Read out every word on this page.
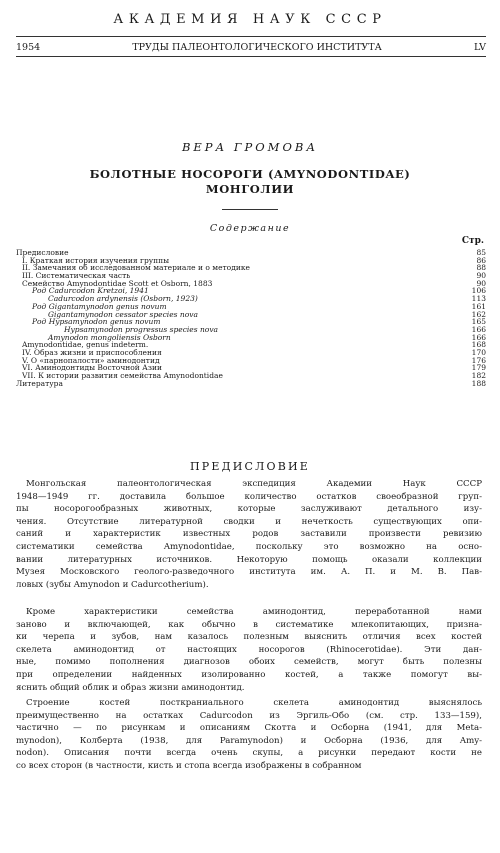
АКАДЕМИЯ НАУК СССР
1954	ТРУДЫ ПАЛЕОНТОЛОГИЧЕСКОГО ИНСТИТУТА	LV
ВЕРА ГРОМОВА
БОЛОТНЫЕ НОСОРОГИ (AMYNODONTIDAE)
МОНГОЛИИ
Содержание
Стр.
Предисловие	85
I. Краткая история изучения группы	86
II. Замечания об исследованном материале и о методике	88
III. Систематическая часть	90
Семейство Amynodontidae Scott et Osborn, 1883	90
Род Cadurcodon Kretzoi, 1941	106
Cadurcodon ardynensis (Osborn, 1923)	113
Род Gigantamynodon genus novum	161
Gigantamynodon cessator species nova	162
Род Hypsamynodon genus novum	165
Hypsamynodon progressus species nova	166
Amynodon mongoliensis Osborn	166
Amynodontidae, genus indeterm.	168
IV. Образ жизни и приспособления	170
V. О «парнопалости» аминодонтид	176
VI. Аминодонтиды Восточной Азии	179
VII. К истории развития семейства Amynodontidae	182
Литература	188
ПРЕДИСЛОВИЕ
Монгольская палеонтологическая экспедиция Академии Наук СССР
1948—1949 гг. доставила большое количество остатков своеобразной груп-
пы носорогообразных животных, которые заслуживают детального изу-
чения. Отсутствие литературной сводки и нечеткость существующих опи-
саний и характеристик известных родов заставили произвести ревизию
систематики семейства Amynodontidae, поскольку это возможно на осно-
вании литературных источников. Некоторую помощь оказали коллекции
Музея Московского геолого-разведочного института им. А. П. и М. В. Пав-
ловых (зубы Amynodon и Cadurcotherium).
Кроме характеристики семейства аминодонтид, переработанной нами
заново и включающей, как обычно в систематике млекопитающих, призна-
ки черепа и зубов, нам казалось полезным выяснить отличия всех костей
скелета аминодонтид от настоящих носорогов (Rhinocerotidae). Эти дан-
ные, помимо пополнения диагнозов обоих семейств, могут быть полезны
при определении найденных изолированно костей, а также помогут вы-
яснить общий облик и образ жизни аминодонтид.
Строение костей посткраниального скелета аминодонтид выяснялось
преимущественно на остатках Cadurcodon из Эргиль-Обо (см. стр. 133—159),
частично — по рисункам и описаниям Скотта и Осборна (1941, для Meta-
mynodon), Колберта (1938, для Paramynodon) и Осборна (1936, для Amy-
nodon). Описания почти всегда очень скупы, а рисунки передают кости не
со всех сторон (в частности, кисть и стопа всегда изображены в собранном
